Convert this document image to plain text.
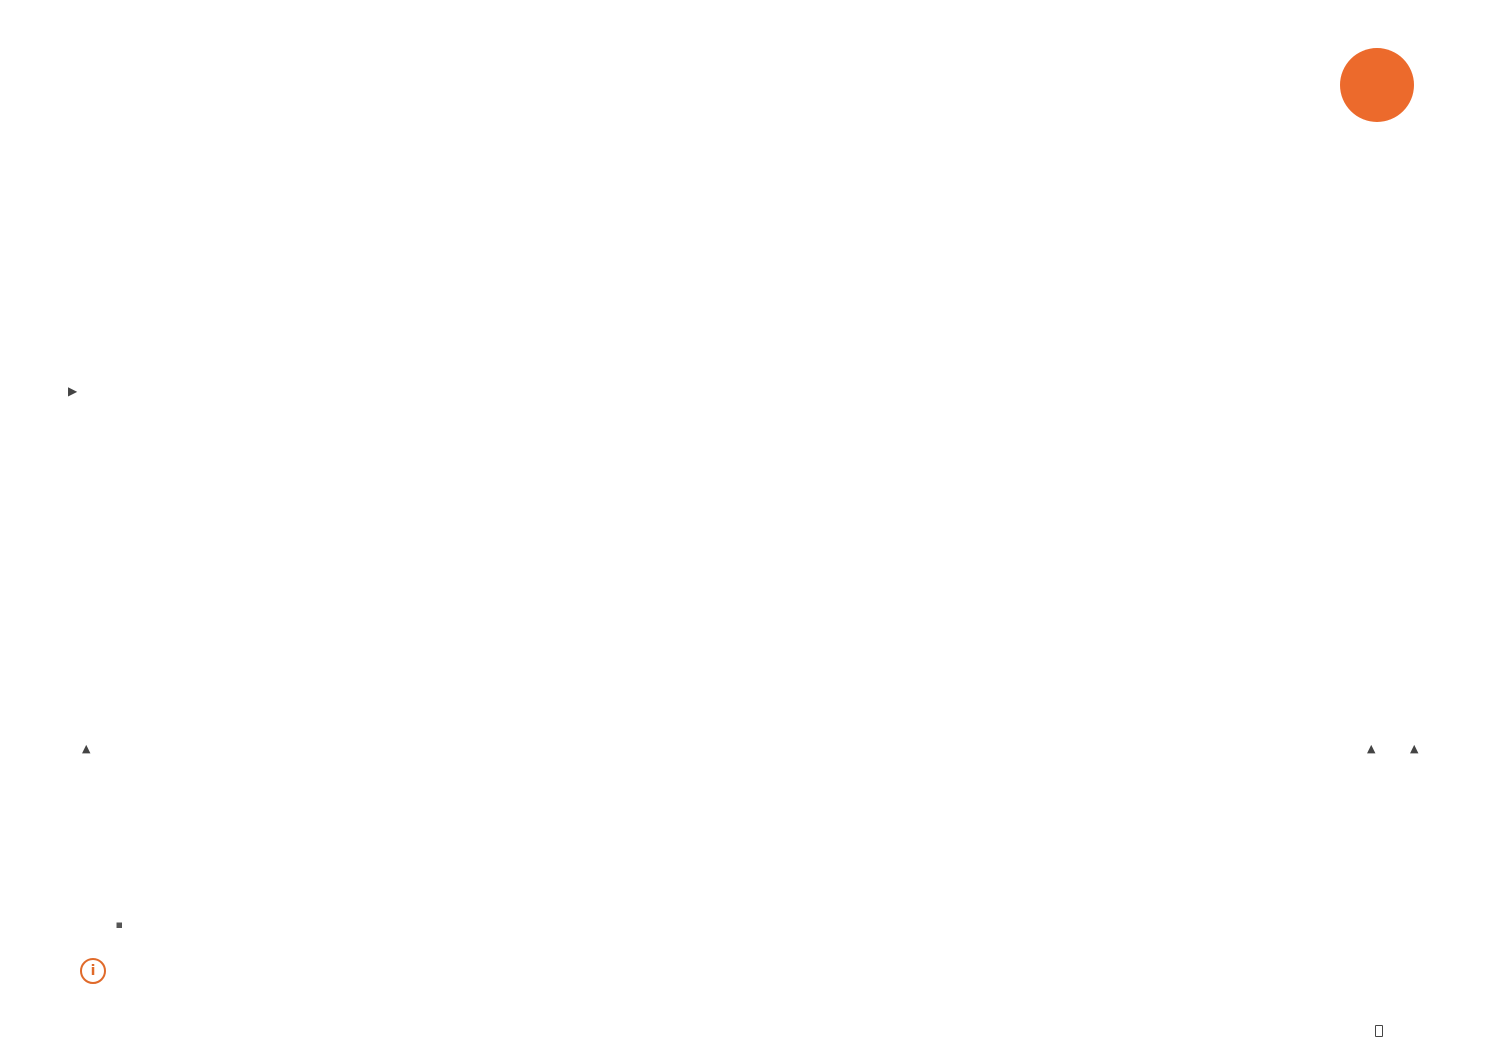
▶
▲	▲	▲
i
